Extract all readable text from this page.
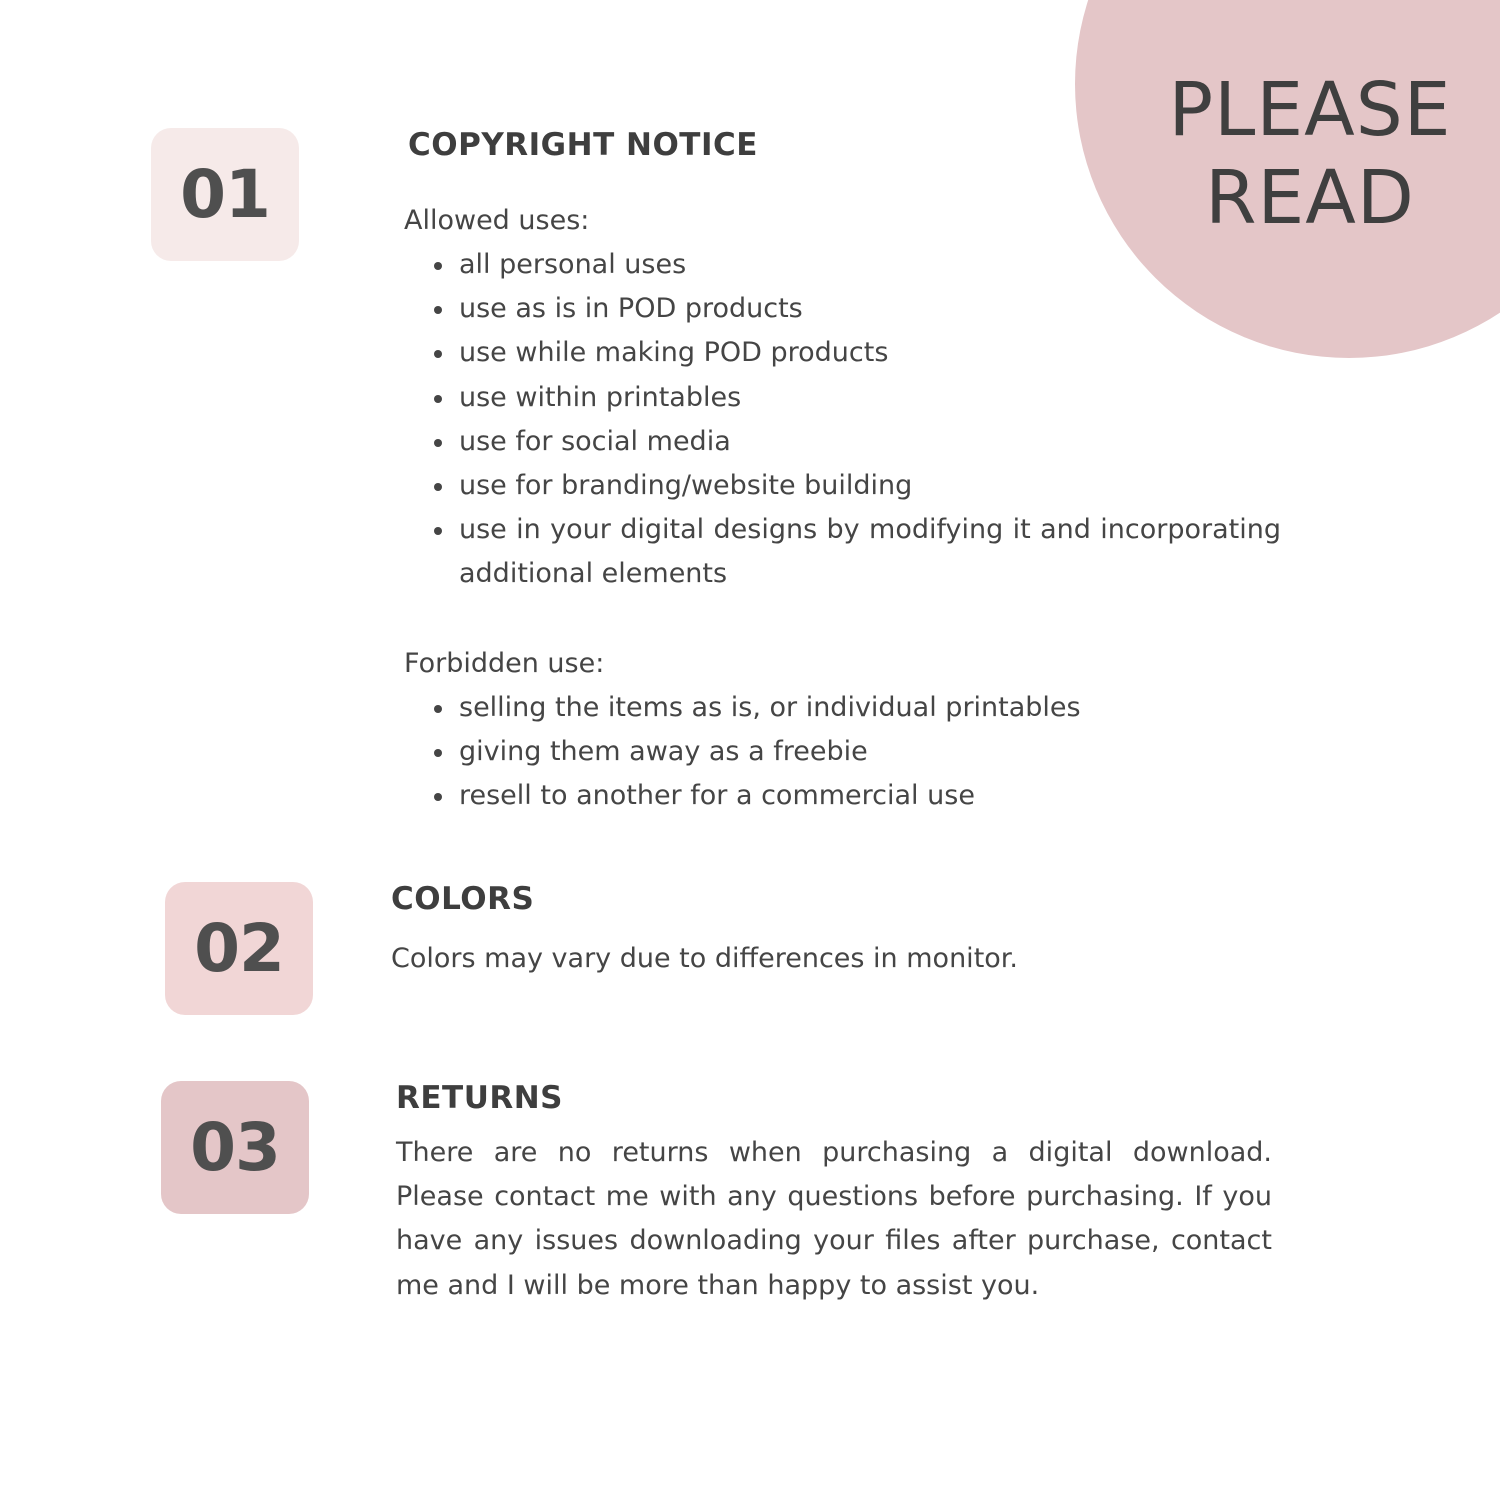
PLEASE
READ
01
COPYRIGHT NOTICE
Allowed uses:
all personal uses
use as is in POD products
use while making POD products
use within printables
use for social media
use for branding/website building
use in your digital designs by modifying it and incorporating additional elements
Forbidden use:
selling the items as is, or individual printables
giving them away as a freebie
resell to another for a commercial use
02
COLORS
Colors may vary due to differences in monitor.
03
RETURNS

There are no returns when purchasing a digital download. Please contact me with any questions before purchasing. If you have any issues downloading your files after purchase, contact me and I will be more than happy to assist you.
